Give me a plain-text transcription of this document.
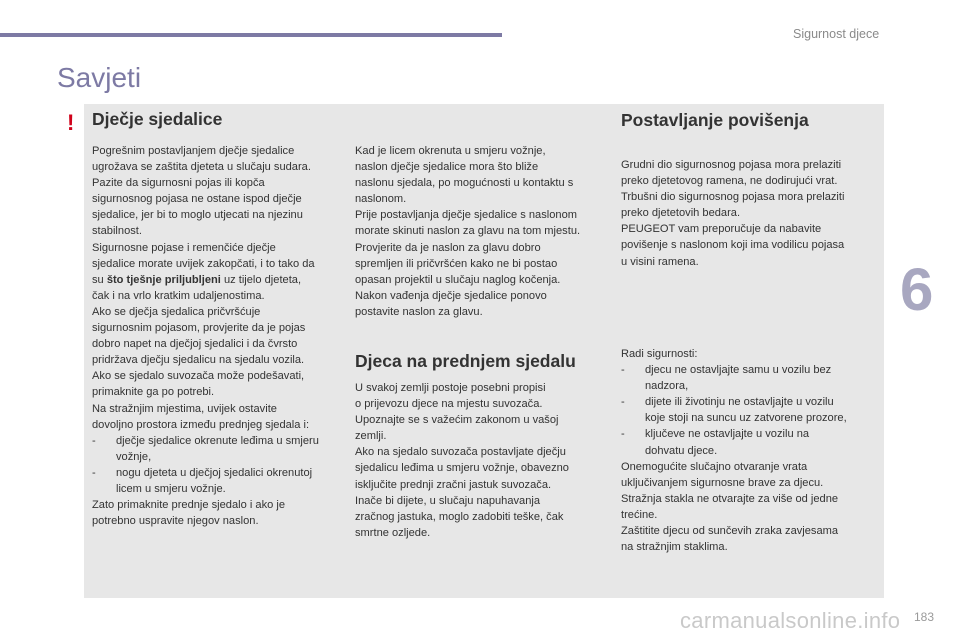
Sigurnost djece
6
Savjeti
! Dječje sjedalice

Pogrešnim postavljanjem dječje sjedalice

ugrožava se zaštita djeteta u slučaju sudara.

Pazite da sigurnosni pojas ili kopča

sigurnosnog pojasa ne ostane ispod dječje

sjedalice, jer bi to moglo utjecati na njezinu

stabilnost.

Sigurnosne pojase i remenčiće dječje

sjedalice morate uvijek zakopčati, i to tako da

su što tješnje priljubljeni uz tijelo djeteta,

čak i na vrlo kratkim udaljenostima.

Ako se dječja sjedalica pričvršćuje

sigurnosnim pojasom, provjerite da je pojas

dobro napet na dječjoj sjedalici i da čvrsto

pridržava dječju sjedalicu na sjedalu vozila.

Ako se sjedalo suvozača može podešavati,

primaknite ga po potrebi.

Na stražnjim mjestima, uvijek ostavite

dovoljno prostora između prednjeg sjedala i:

- dječje sjedalice okrenute leđima u smjeru

vožnje,

- nogu djeteta u dječjoj sjedalici okrenutoj

licem u smjeru vožnje.

Zato primaknite prednje sjedalo i ako je

potrebno uspravite njegov naslon.

Kad je licem okrenuta u smjeru vožnje,

naslon dječje sjedalice mora što bliže

naslonu sjedala, po mogućnosti u kontaktu s

naslonom.

Prije postavljanja dječje sjedalice s naslonom

morate skinuti naslon za glavu na tom mjestu.

Provjerite da je naslon za glavu dobro

spremljen ili pričvršćen kako ne bi postao

opasan projektil u slučaju naglog kočenja.

Nakon vađenja dječje sjedalice ponovo

postavite naslon za glavu.

Djeca na prednjem sjedalu

U svakoj zemlji postoje posebni propisi

o prijevozu djece na mjestu suvozača.

Upoznajte se s važećim zakonom u vašoj

zemlji.

Ako na sjedalo suvozača postavljate dječju

sjedalicu leđima u smjeru vožnje, obavezno

isključite prednji zračni jastuk suvozača.

Inače bi dijete, u slučaju napuhavanja

zračnog jastuka, moglo zadobiti teške, čak

smrtne ozljede.

Postavljanje povišenja

Grudni dio sigurnosnog pojasa mora prelaziti

preko djetetovog ramena, ne dodirujući vrat.

Trbušni dio sigurnosnog pojasa mora prelaziti

preko djetetovih bedara.

PEUGEOT vam preporučuje da nabavite

povišenje s naslonom koji ima vodilicu pojasa

u visini ramena.

Radi sigurnosti:

- djecu ne ostavljajte samu u vozilu bez

nadzora,

- dijete ili životinju ne ostavljajte u vozilu

koje stoji na suncu uz zatvorene prozore,

- ključeve ne ostavljajte u vozilu na

dohvatu djece.

Onemogućite slučajno otvaranje vrata

uključivanjem sigurnosne brave za djecu.

Stražnja stakla ne otvarajte za više od jedne

trećine.

Zaštitite djecu od sunčevih zraka zavjesama

na stražnjim staklima.

carmanualsonline.info 183
